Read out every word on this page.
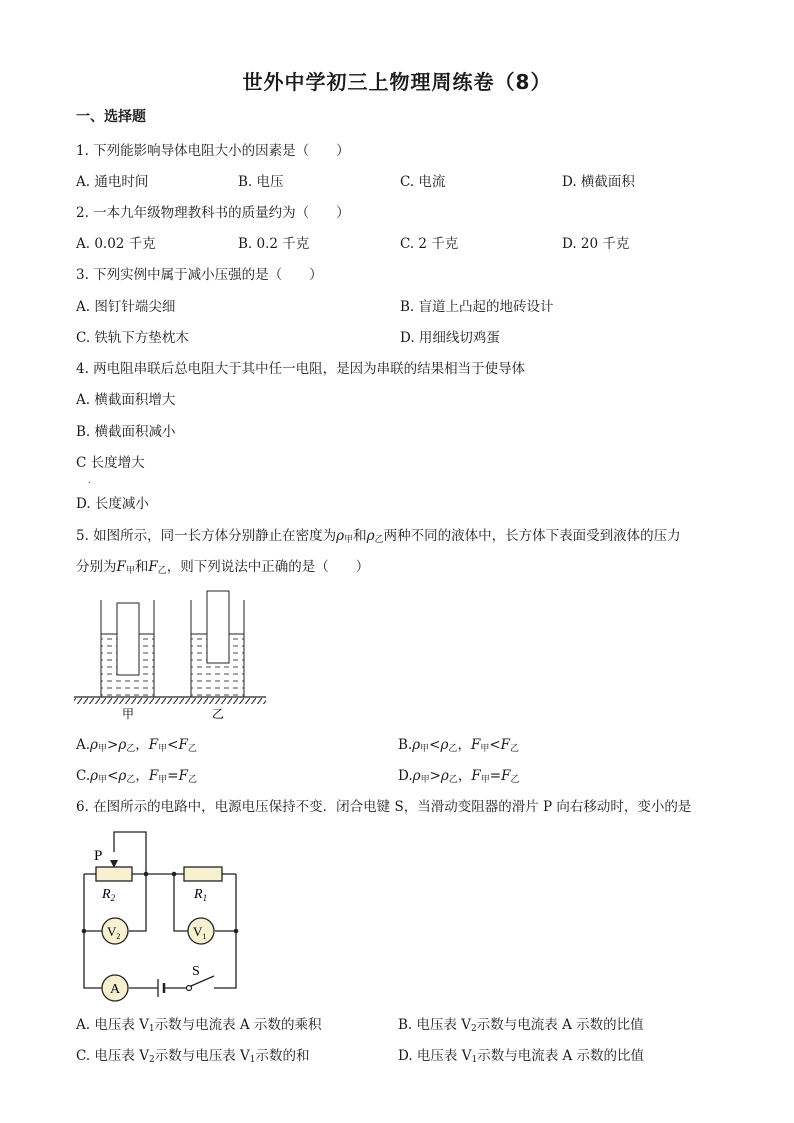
世外中学初三上物理周练卷（8）
一、选择题
1. 下列能影响导体电阻大小的因素是（　　）
A. 通电时间	B. 电压	C. 电流	D. 横截面积
2. 一本九年级物理教科书的质量约为（　　）
A. 0.02 千克	B. 0.2 千克	C. 2 千克	D. 20 千克
3. 下列实例中属于减小压强的是（　　）
A. 图钉针端尖细	B. 盲道上凸起的地砖设计
C. 铁轨下方垫枕木	D. 用细线切鸡蛋
4. 两电阻串联后总电阻大于其中任一电阻，是因为串联的结果相当于使导体
A. 横截面积增大
B. 横截面积减小
C 长度增大
.
D. 长度减小
5. 如图所示，同一长方体分别静止在密度为$\rho_甲$和$\rho_乙$两种不同的液体中，长方体下表面受到液体的压力
分别为$F_甲$和$F_乙$，则下列说法中正确的是（　　）
甲	乙
$A.\rho_甲>\rho_乙$，$F_甲<F_乙$	$B.\rho_甲<\rho_乙$，$F_甲<F_乙$
$C.\rho_甲<\rho_乙$，$F_甲=F_乙$	$D.\rho_甲>\rho_乙$，$F_甲=F_乙$
6. 在图所示的电路中，电源电压保持不变．闭合电键 S，当滑动变阻器的滑片 P 向右移动时，变小的是
P
$R_2$	$R_1$
$V_2$	$V_1$
A
S
A. 电压表 $V_1$示数与电流表 A 示数的乘积	B. 电压表 $V_2$示数与电流表 A 示数的比值
C. 电压表 $V_2$示数与电压表 $V_1$示数的和	D. 电压表 $V_1$示数与电流表 A 示数的比值
